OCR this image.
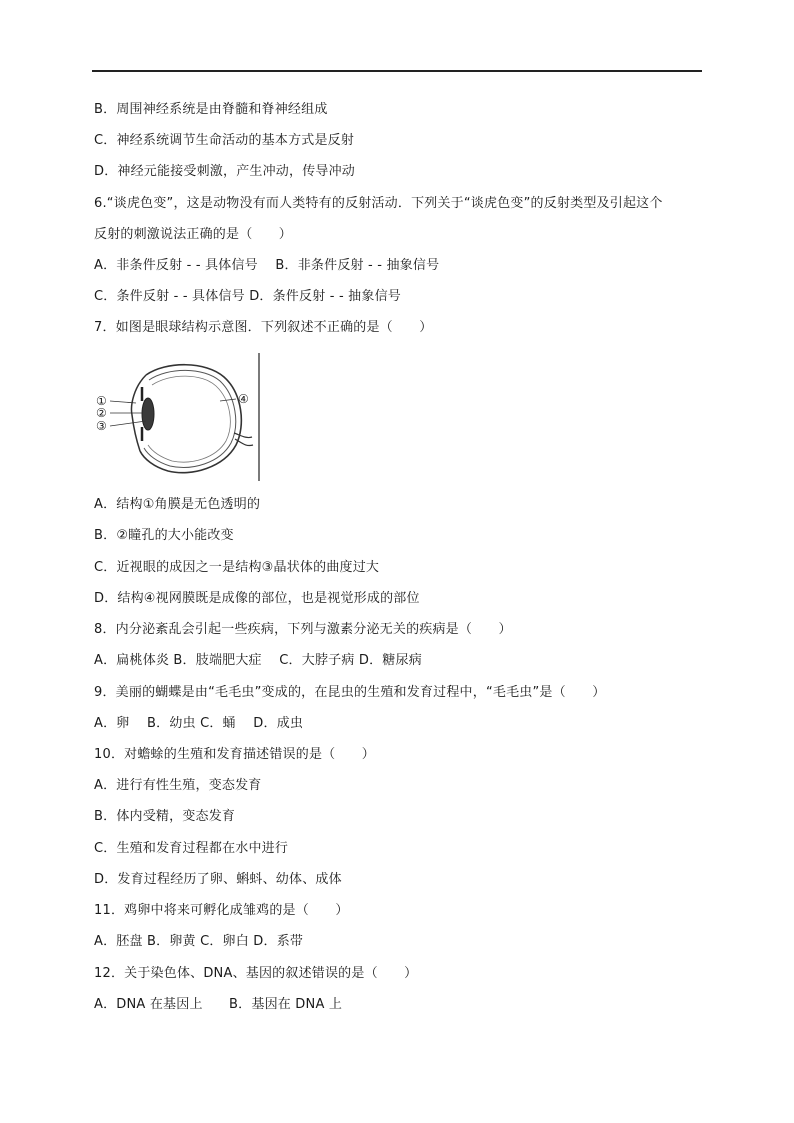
B．周围神经系统是由脊髓和脊神经组成
C．神经系统调节生命活动的基本方式是反射
D．神经元能接受刺激，产生冲动，传导冲动
6.“谈虎色变”，这是动物没有而人类特有的反射活动．下列关于“谈虎色变”的反射类型及引起这个
反射的刺激说法正确的是（　　）
A．非条件反射 - - 具体信号　 B．非条件反射 - - 抽象信号
C．条件反射 - - 具体信号 D．条件反射 - - 抽象信号
7．如图是眼球结构示意图．下列叙述不正确的是（　　）
①
②
③
④
A．结构①角膜是无色透明的
B．②瞳孔的大小能改变
C．近视眼的成因之一是结构③晶状体的曲度过大
D．结构④视网膜既是成像的部位，也是视觉形成的部位
8．内分泌紊乱会引起一些疾病，下列与激素分泌无关的疾病是（　　）
A．扁桃体炎 B．肢端肥大症　 C．大脖子病 D．糖尿病
9．美丽的蝴蝶是由“毛毛虫”变成的，在昆虫的生殖和发育过程中，“毛毛虫”是（　　）
A．卵　 B．幼虫 C．蛹　 D．成虫
10．对蟾蜍的生殖和发育描述错误的是（　　）
A．进行有性生殖，变态发育
B．体内受精，变态发育
C．生殖和发育过程都在水中进行
D．发育过程经历了卵、蝌蚪、幼体、成体
11．鸡卵中将来可孵化成雏鸡的是（　　）
A．胚盘 B．卵黄 C．卵白 D．系带
12．关于染色体、DNA、基因的叙述错误的是（　　）
A．DNA 在基因上　　B．基因在 DNA 上
